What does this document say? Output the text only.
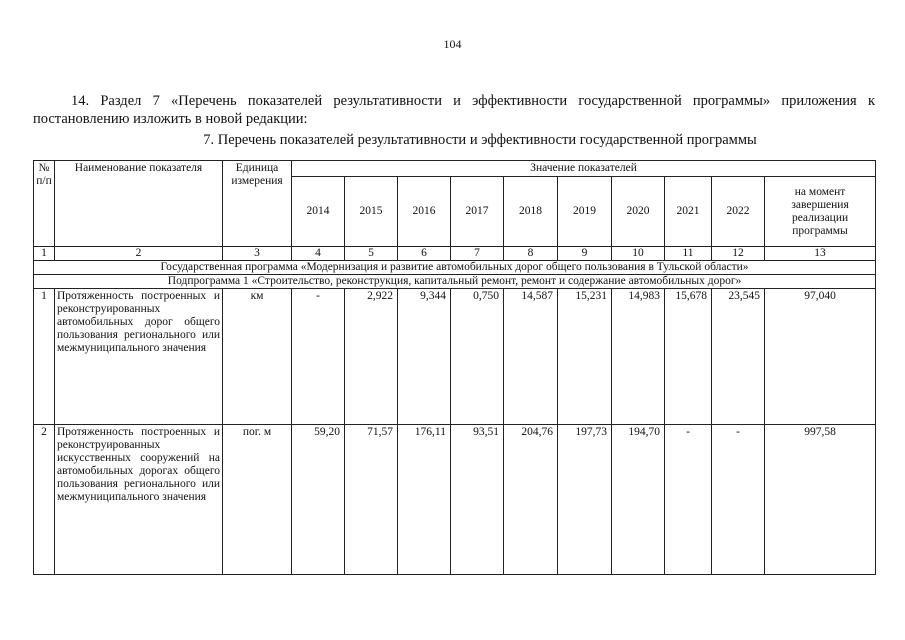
104
14. Раздел 7 «Перечень показателей результативности и эффективности государственной программы» приложения к постановлению изложить в новой редакции:
7. Перечень показателей результативности и эффективности государственной программы
№ п/п	Наименование показателя	Единица измерения	Значение показателей									
			2014	2015	2016	2017	2018	2019	2020	2021	2022	на момент завершения реализации программы
1	2	3	4	5	6	7	8	9	10	11	12	13
Государственная программа «Модернизация и развитие автомобильных дорог общего пользования в Тульской области»												
Подпрограмма 1 «Строительство, реконструкция, капитальный ремонт, ремонт и содержание автомобильных дорог»												
1	Протяженность построенных и реконструированных автомобильных дорог общего пользования регионального или межмуниципального значения	км	-	2,922	9,344	0,750	14,587	15,231	14,983	15,678	23,545	97,040
2	Протяженность построенных и реконструированных искусственных сооружений на автомобильных дорогах общего пользования регионального или межмуниципального значения	пог. м	59,20	71,57	176,11	93,51	204,76	197,73	194,70	-	-	997,58
